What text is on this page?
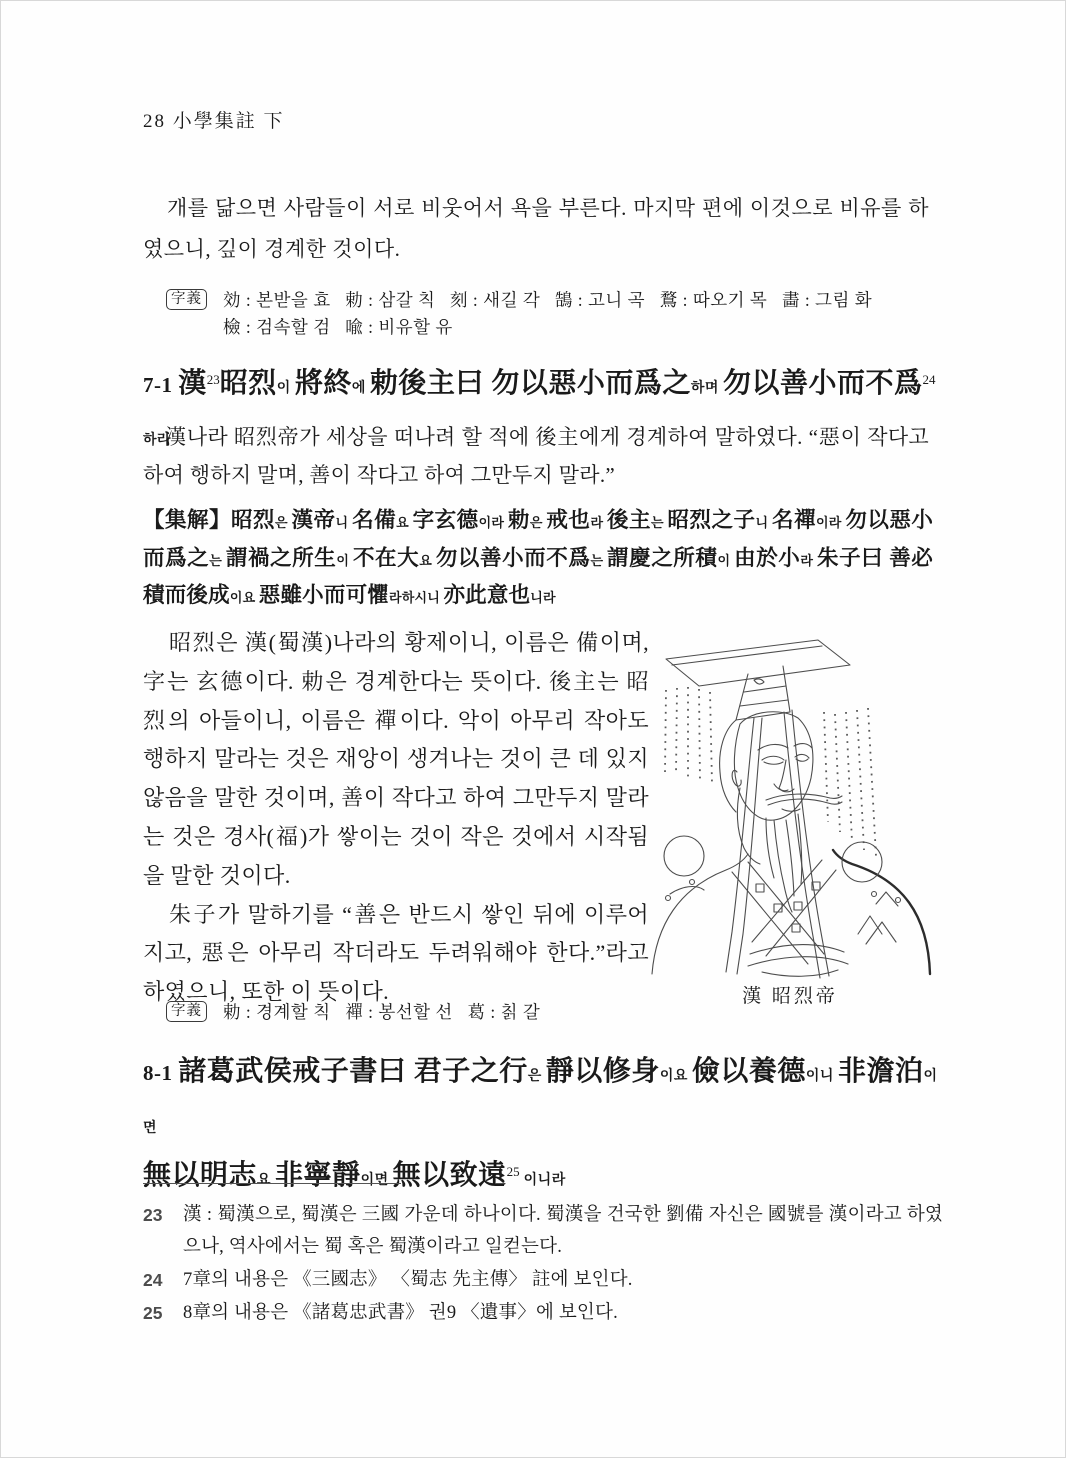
28 小學集註 下
개를 닮으면 사람들이 서로 비웃어서 욕을 부른다. 마지막 편에 이것으로 비유를 하였으니, 깊이 경계한 것이다.
字義 効 : 본받을 효   勅 : 삼갈 칙   刻 : 새길 각   鵠 : 고니 곡   鶩 : 따오기 목   畵 : 그림 화
檢 : 검속할 검   喩 : 비유할 유
7-1 漢$^{23}$昭烈이 將終에 勅後主曰 勿以惡小而爲之하며 勿以善小而不爲$^{24}$하라
漢나라 昭烈帝가 세상을 떠나려 할 적에 後主에게 경계하여 말하였다. “惡이 작다고 하여 행하지 말며, 善이 작다고 하여 그만두지 말라.”
【集解】昭烈은 漢帝니 名備요 字玄德이라 勅은 戒也라 後主는 昭烈之子니 名禪이라 勿以惡小而爲之는 謂禍之所生이 不在大요 勿以善小而不爲는 謂慶之所積이 由於小라 朱子曰 善必積而後成이요 惡雖小而可懼라하시니 亦此意也니라

昭烈은 漢(蜀漢)나라의 황제이니, 이름은 備이며, 字는 玄德이다. 勅은 경계한다는 뜻이다. 後主는 昭烈의 아들이니, 이름은 禪이다. 악이 아무리 작아도 행하지 말라는 것은 재앙이 생겨나는 것이 큰 데 있지 않음을 말한 것이며, 善이 작다고 하여 그만두지 말라는 것은 경사(福)가 쌓이는 것이 작은 것에서 시작됨을 말한 것이다.

朱子가 말하기를 “善은 반드시 쌓인 뒤에 이루어지고, 惡은 아무리 작더라도 두려워해야 한다.”라고 하였으니, 또한 이 뜻이다.	漢 昭烈帝
字義 勅 : 경계할 칙   禪 : 봉선할 선   葛 : 칡 갈
8-1 諸葛武侯戒子書曰 君子之行은 靜以修身이요 儉以養德이니 非澹泊이면
無以明志요 非寧靜이면 無以致遠$^{25}$ 이니라
23	漢 : 蜀漢으로, 蜀漢은 三國 가운데 하나이다. 蜀漢을 건국한 劉備 자신은 國號를 漢이라고 하였으나, 역사에서는 蜀 혹은 蜀漢이라고 일컫는다.
24	7章의 내용은 《三國志》 〈蜀志 先主傳〉 註에 보인다.
25	8章의 내용은 《諸葛忠武書》 권9 〈遺事〉에 보인다.
